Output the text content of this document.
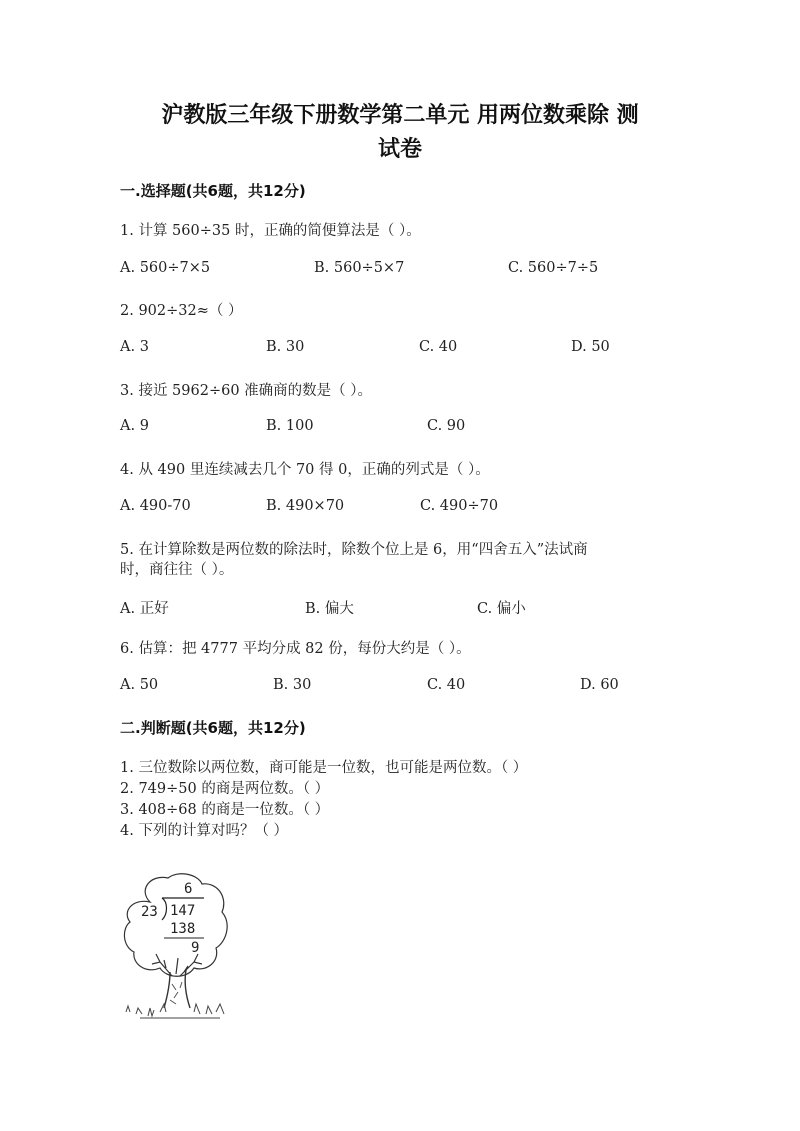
沪教版三年级下册数学第二单元 用两位数乘除 测
试卷
一.选择题(共6题，共12分)
1. 计算 560÷35 时，正确的简便算法是（ ）。
A. 560÷7×5	B. 560÷5×7	C. 560÷7÷5
2. 902÷32≈（ ）
A. 3	B. 30	C. 40	D. 50
3. 接近 5962÷60 准确商的数是（ ）。
A. 9	B. 100	C. 90
4. 从 490 里连续减去几个 70 得 0，正确的列式是（ ）。
A. 490-70	B. 490×70	C. 490÷70
5. 在计算除数是两位数的除法时，除数个位上是 6，用“四舍五入”法试商
时，商往往（ ）。
A. 正好	B. 偏大	C. 偏小
6. 估算：把 4777 平均分成 82 份，每份大约是（ ）。
A. 50	B. 30	C. 40	D. 60
二.判断题(共6题，共12分)
1. 三位数除以两位数，商可能是一位数，也可能是两位数。（ ）
2. 749÷50 的商是两位数。（ ）
3. 408÷68 的商是一位数。（ ）
4. 下列的计算对吗？（ ）
6
23 147
138
9
